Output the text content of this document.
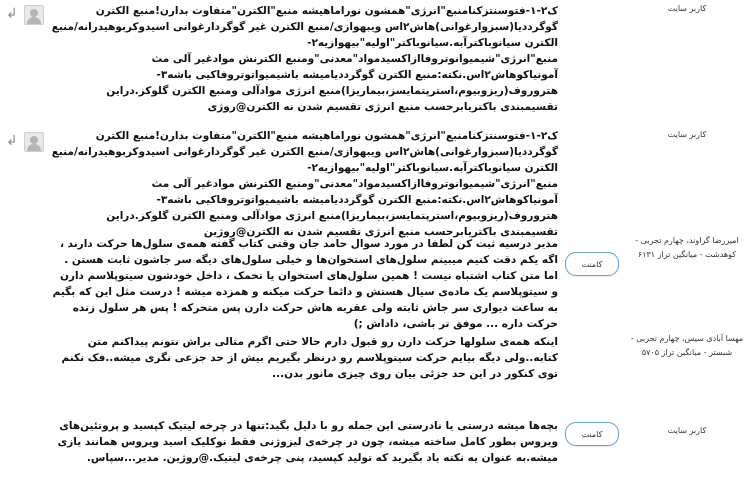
کاربر سایت
ک۲-۱-فتوسنتزکنامنبع"انرژی"همشون نوراماهیشه منبع"الکترن"متفاوت بدارن!منبع الکترن گوگرددیا(سبزوارغوانی)هاش۲اس ویبهوازی/منبع الکترن غیر گوگردارغوانی اسیدوکربوهیدرانه/منبع الکترن سیانوباکترآبه.سیانوباکتر"اولیه"بیهوازیه۲-منبع"انرژی"شیمیوانوتروفاازاکسیدمواد"معدنی"ومنبع الکترنش موادغیر آلی مث آمونیاکوهاش۲اس.نکته:منبع الکترن گوگرددیامیشه باشیمیواتوتروفاکیی باشه۳-هتروروف(ریزوبیوم،استرپتمایسز،بیماریزا)منبع انرژی موادآلی ومنبع الکترن گلوکز.دراین تقسیمبندی باکتریابرحسب منبع انرژی تقسیم شدن نه الکترن@روژی
↲
کاربر سایت
ک۲-۱-فتوسنتزکنامنبع"انرژی"همشون نوراماهیشه منبع"الکترن"متفاوت بدارن!منبع الکترن گوگرددیا(سبزوارغوانی)هاش۲اس ویبهوازی/منبع الکترن غیر گوگردارغوانی اسیدوکربوهیدرانه/منبع الکترن سیانوباکترآبه.سیانوباکتر"اولیه"بیهوازیه۲-منبع"انرژی"شیمیوانوتروفاازاکسیدمواد"معدنی"ومنبع الکترنش موادغیر آلی مث آمونیاکوهاش۲اس.نکته:منبع الکترن گوگرددیامیشه باشیمیواتوتروفاکیی باشه۳-هتروروف(ریزوبیوم،استرپتمایسز،بیماریزا)منبع انرژی موادآلی ومنبع الکترن گلوکز.دراین تقسیمبندی باکتریابرحسب منبع انرژی تقسیم شدن نه الکترن@روژین
↲
امیررضا گراوند، چهارم تجربی - کوهدشت - میانگین تراز ۶۱۳۱
کامنت
مدیر درسیه ثبت کن لطفا در مورد سوال حامد جان وقتی کتاب گفته همه‌ی سلول‌ها حرکت دارند ، اگه یکم دقت کنیم میبینم سلول‌های استخوان‌ها و خیلی سلول‌های دیگه سر جاشون ثابت هستن . اما متن کتاب اشتباه نیست ! همین سلول‌های استخوان یا تخمک ، داخل خودشون سیتوپلاسم دارن و سیتوپلاسم یک ماده‌ی سیال هستش و دائما حرکت میکنه و همزده میشه ! درست مثل این که بگیم به ساعت دیواری سر جاش ثابته ولی عقربه هاش حرکت دارن پس متحرکه ! پس هر سلول زنده حرکت داره ... موفق تر باشی، داداش ;)
مهسا آبادی سیس، چهارم تجربی - شبستر - میانگین تراز ۵۷۰۵
اینکه همه‌ی سلولها حرکت دارن رو قبول دارم حالا حتی اگرم مثالی براش نتونم پیداکنم متن کتابه..ولی دیگه بیایم حرکت سیتوپلاسم رو درنظر بگیریم بیش از حد جزعی نگری میشه..فک نکنم توی کنکور در این حد جزئی بیان روی چیزی مانور بدن...
کاربر سایت
کامنت
بچه‌ها میشه درستی یا نادرستی این جمله رو با دلیل بگید:تنها در چرخه لیتیک کپسید و پروتئین‌های ویروس بطور کامل ساخته میشه، چون در چرخه‌ی لیزوژنی فقط نوکلیک اسید ویروس همانند یازی میشه.به عنوان یه نکته یاد بگیرید که تولید کپسید، پنی چرخه‌ی لیتیک.@روژین. مدیر...سپاس.
